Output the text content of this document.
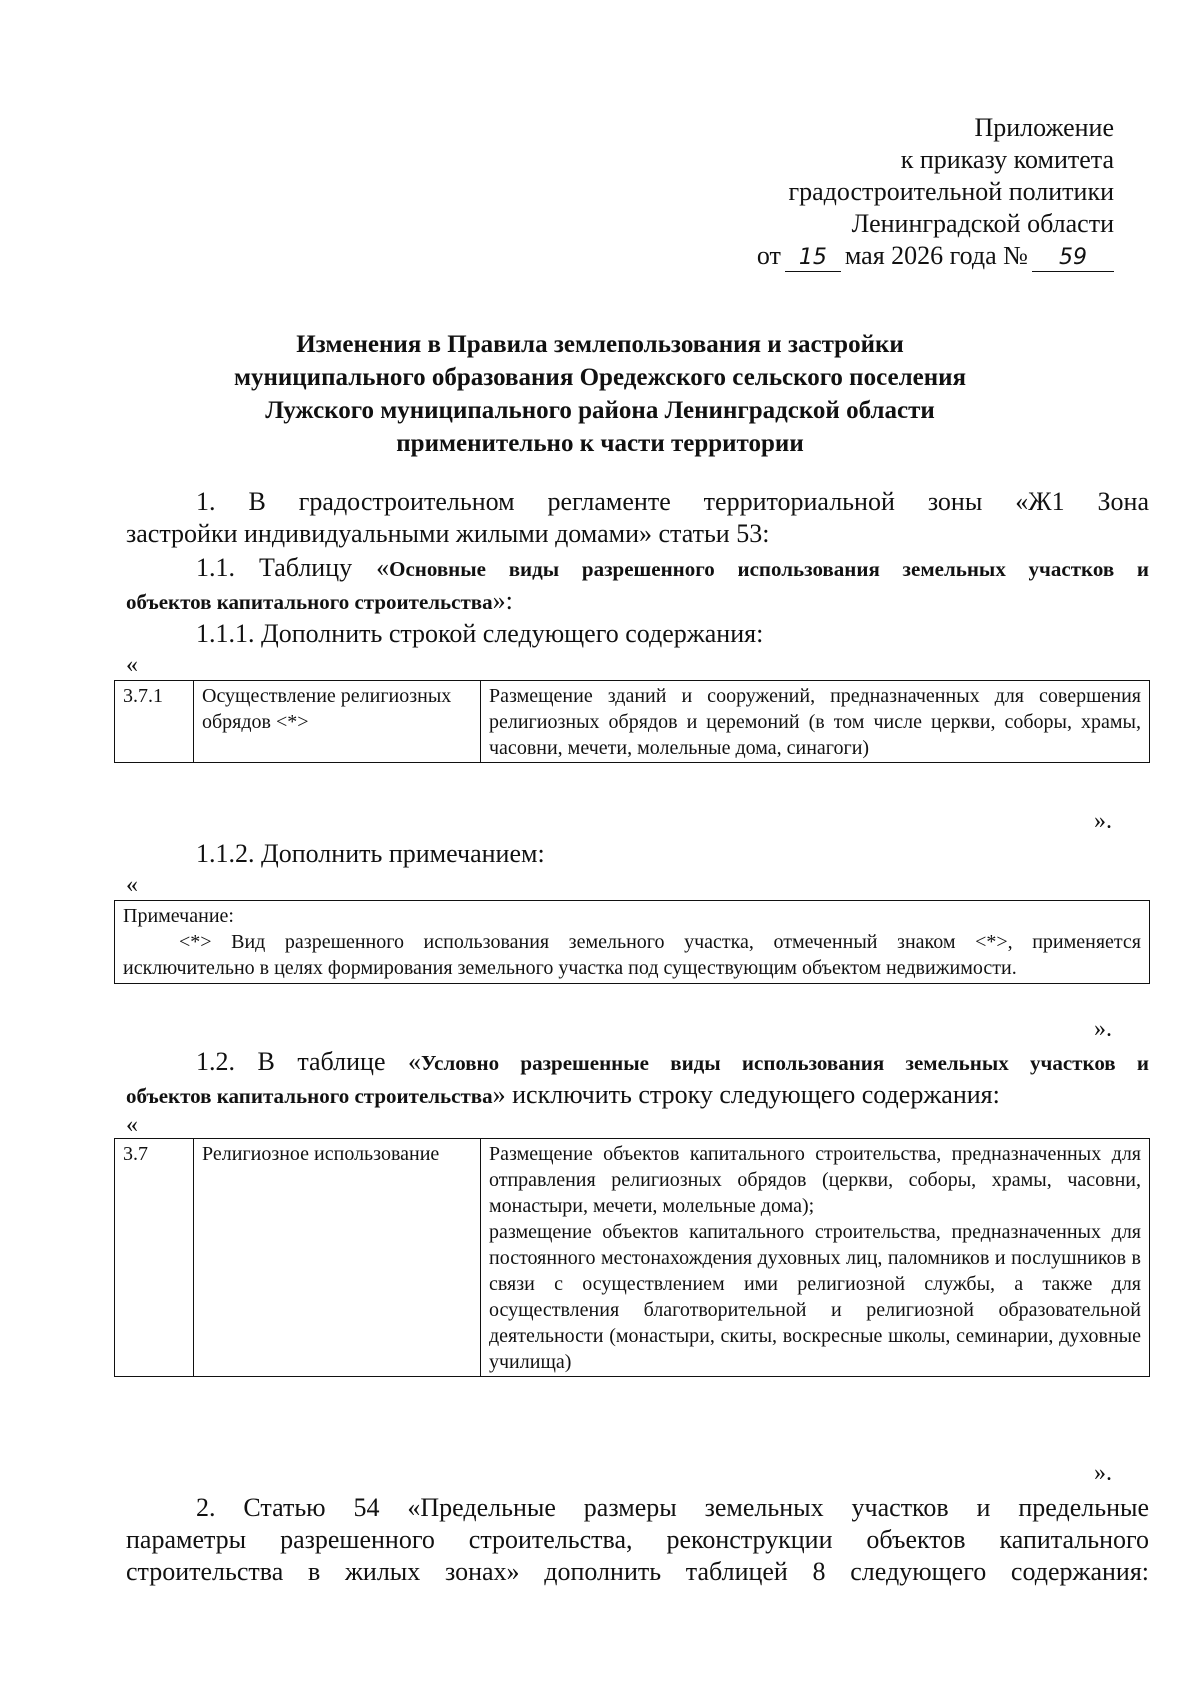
Приложение
к приказу комитета
градостроительной политики
Ленинградской области
от 15 мая 2026 года № 59
Изменения в Правила землепользования и застройки
муниципального образования Оредежского сельского поселения
Лужского муниципального района Ленинградской области
применительно к части территории
1. В градостроительном регламенте территориальной зоны «Ж1 Зона
застройки индивидуальными жилыми домами» статьи 53:
1.1. Таблицу «Основные виды разрешенного использования земельных участков и
объектов капитального строительства»:
1.1.1. Дополнить строкой следующего содержания:
«
3.7.1	Осуществление религиозных обрядов <*>	Размещение зданий и сооружений, предназначенных для совершения религиозных обрядов и церемоний (в том числе церкви, соборы, храмы, часовни, мечети, молельные дома, синагоги)
».
1.1.2. Дополнить примечанием:
«
Примечание:
<*> Вид разрешенного использования земельного участка, отмеченный знаком <*>, применяется исключительно в целях формирования земельного участка под существующим объектом недвижимости.
».
1.2. В таблице «Условно разрешенные виды использования земельных участков и
объектов капитального строительства» исключить строку следующего содержания:
«
3.7	Религиозное использование	Размещение объектов капитального строительства, предназначенных для отправления религиозных обрядов (церкви, соборы, храмы, часовни, монастыри, мечети, молельные дома);
размещение объектов капитального строительства, предназначенных для постоянного местонахождения духовных лиц, паломников и послушников в связи с осуществлением ими религиозной службы, а также для осуществления благотворительной и религиозной образовательной деятельности (монастыри, скиты, воскресные школы, семинарии, духовные училища)
».
2. Статью 54 «Предельные размеры земельных участков и предельные
параметры разрешенного строительства, реконструкции объектов капитального
строительства в жилых зонах» дополнить таблицей 8 следующего содержания:
